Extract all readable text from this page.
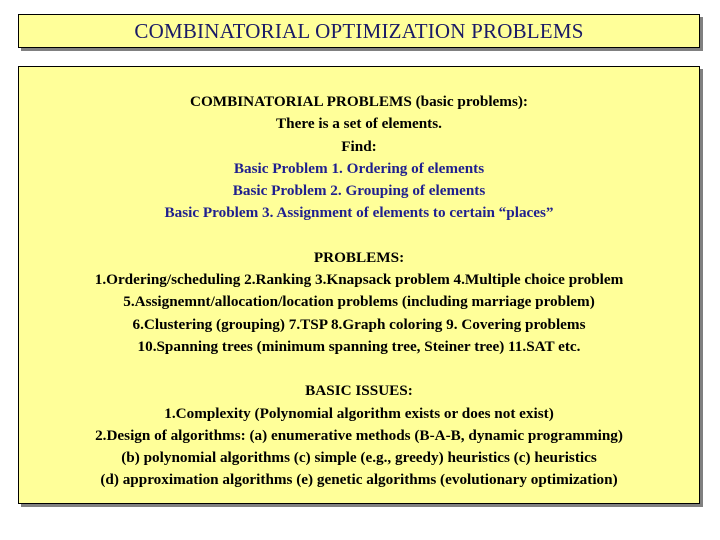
COMBINATORIAL OPTIMIZATION PROBLEMS
COMBINATORIAL PROBLEMS (basic problems):
There is a set of elements.
Find:
Basic Problem 1. Ordering of elements
Basic Problem 2. Grouping of elements
Basic Problem 3. Assignment of elements to certain “places”
PROBLEMS:
1.Ordering/scheduling 2.Ranking 3.Knapsack problem 4.Multiple choice problem
5.Assignemnt/allocation/location problems (including marriage problem)
6.Clustering (grouping) 7.TSP 8.Graph coloring 9. Covering problems
10.Spanning trees (minimum spanning tree, Steiner tree) 11.SAT etc.
BASIC ISSUES:
1.Complexity (Polynomial algorithm exists or does not exist)
2.Design of algorithms: (a) enumerative methods (B-A-B, dynamic programming)
(b) polynomial algorithms (c) simple (e.g., greedy) heuristics (c) heuristics
(d) approximation algorithms (e) genetic algorithms (evolutionary optimization)
